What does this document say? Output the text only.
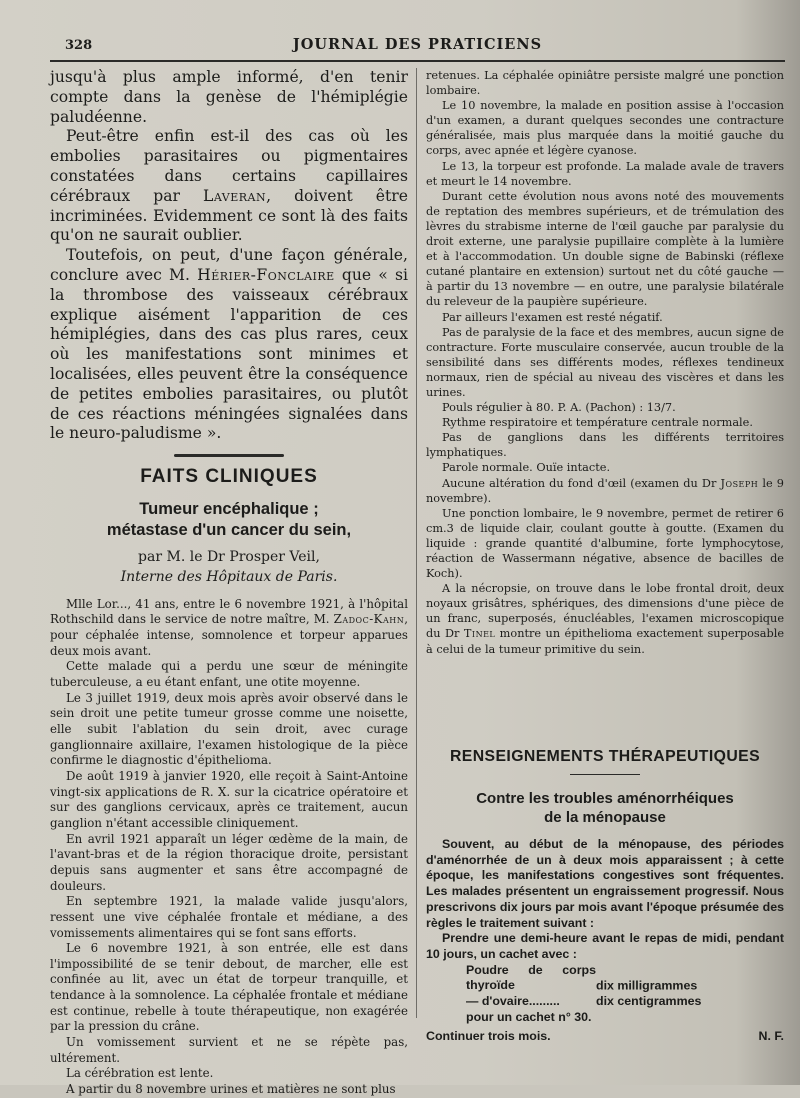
328	JOURNAL DES PRATICIENS

jusqu'à plus ample informé, d'en tenir compte dans la genèse de l'hémiplégie paludéenne.

Peut-être enfin est-il des cas où les embolies parasitaires ou pigmentaires constatées dans certains capillaires cérébraux par Laveran, doivent être incriminées. Evidemment ce sont là des faits qu'on ne saurait oublier.

Toutefois, on peut, d'une façon générale, conclure avec M. Hérier-Fonclaire que « si la thrombose des vaisseaux cérébraux explique aisément l'apparition de ces hémiplégies, dans des cas plus rares, ceux où les manifestations sont minimes et localisées, elles peuvent être la conséquence de petites embolies parasitaires, ou plutôt de ces réactions méningées signalées dans le neuro-paludisme ».

FAITS CLINIQUES
Tumeur encéphalique ;
métastase d'un cancer du sein,
par M. le Dr Prosper Veil,
Interne des Hôpitaux de Paris.

Mlle Lor..., 41 ans, entre le 6 novembre 1921, à l'hôpital Rothschild dans le service de notre maître, M. Zadoc-Kahn, pour céphalée intense, somnolence et torpeur apparues deux mois avant.

Cette malade qui a perdu une sœur de méningite tuberculeuse, a eu étant enfant, une otite moyenne.

Le 3 juillet 1919, deux mois après avoir observé dans le sein droit une petite tumeur grosse comme une noisette, elle subit l'ablation du sein droit, avec curage ganglionnaire axillaire, l'examen histologique de la pièce confirme le diagnostic d'épithelioma.

De août 1919 à janvier 1920, elle reçoit à Saint-Antoine vingt-six applications de R. X. sur la cicatrice opératoire et sur des ganglions cervicaux, après ce traitement, aucun ganglion n'étant accessible cliniquement.

En avril 1921 apparaît un léger œdème de la main, de l'avant-bras et de la région thoracique droite, persistant depuis sans augmenter et sans être accompagné de douleurs.

En septembre 1921, la malade valide jusqu'alors, ressent une vive céphalée frontale et médiane, a des vomissements alimentaires qui se font sans efforts.

Le 6 novembre 1921, à son entrée, elle est dans l'impossibilité de se tenir debout, de marcher, elle est confinée au lit, avec un état de torpeur tranquille, et tendance à la somnolence. La céphalée frontale et médiane est continue, rebelle à toute thérapeutique, non exagérée par la pression du crâne.

Un vomissement survient et ne se répète pas, ultérement.

La cérébration est lente.

A partir du 8 novembre urines et matières ne sont plus

retenues. La céphalée opiniâtre persiste malgré une ponction lombaire.

Le 10 novembre, la malade en position assise à l'occasion d'un examen, a durant quelques secondes une contracture généralisée, mais plus marquée dans la moitié gauche du corps, avec apnée et légère cyanose.

Le 13, la torpeur est profonde. La malade avale de travers et meurt le 14 novembre.

Durant cette évolution nous avons noté des mouvements de reptation des membres supérieurs, et de trémulation des lèvres du strabisme interne de l'œil gauche par paralysie du droit externe, une paralysie pupillaire complète à la lumière et à l'accommodation. Un double signe de Babinski (réflexe cutané plantaire en extension) surtout net du côté gauche — à partir du 13 novembre — en outre, une paralysie bilatérale du releveur de la paupière supérieure.

Par ailleurs l'examen est resté négatif.

Pas de paralysie de la face et des membres, aucun signe de contracture. Forte musculaire conservée, aucun trouble de la sensibilité dans ses différents modes, réflexes tendineux normaux, rien de spécial au niveau des viscères et dans les urines.

Pouls régulier à 80. P. A. (Pachon) : 13/7.

Rythme respiratoire et température centrale normale.

Pas de ganglions dans les différents territoires lymphatiques.

Parole normale. Ouïe intacte.

Aucune altération du fond d'œil (examen du Dr Joseph le 9 novembre).

Une ponction lombaire, le 9 novembre, permet de retirer 6 cm.3 de liquide clair, coulant goutte à goutte. (Examen du liquide : grande quantité d'albumine, forte lymphocytose, réaction de Wassermann négative, absence de bacilles de Koch).

A la nécropsie, on trouve dans le lobe frontal droit, deux noyaux grisâtres, sphériques, des dimensions d'une pièce de un franc, superposés, énucléables, l'examen microscopique du Dr Tinel montre un épithelioma exactement superposable à celui de la tumeur primitive du sein.

RENSEIGNEMENTS THÉRAPEUTIQUES
Contre les troubles aménorrhéiques
de la ménopause

Souvent, au début de la ménopause, des périodes d'aménorrhée de un à deux mois apparaissent ; à cette époque, les manifestations congestives sont fréquentes. Les malades présentent un engraissement progressif. Nous prescrivons dix jours par mois avant l'époque présumée des règles le traitement suivant :

Prendre une demi-heure avant le repas de midi, pendant 10 jours, un cachet avec :

Poudre de corps thyroïde	dix milligrammes
— d'ovaire.........	dix centigrammes
pour un cachet n° 30.
Continuer trois mois.	N. F.
